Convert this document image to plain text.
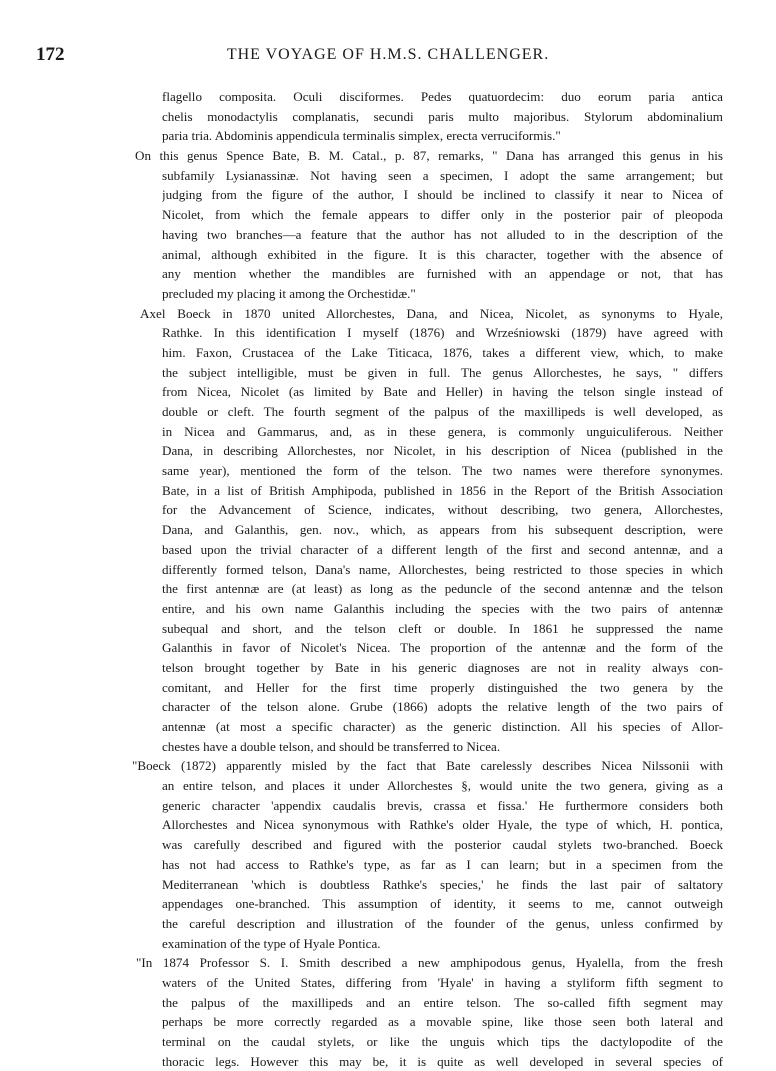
172	THE VOYAGE OF H.M.S. CHALLENGER.
flagello composita. Oculi disciformes. Pedes quatuordecim: duo eorum paria antica
chelis monodactylis complanatis, secundi paris multo majoribus. Stylorum abdominalium
paria tria. Abdominis appendicula terminalis simplex, erecta verruciformis."
On this genus Spence Bate, B. M. Catal., p. 87, remarks, " Dana has arranged this genus in his
subfamily Lysianassinæ. Not having seen a specimen, I adopt the same arrangement; but
judging from the figure of the author, I should be inclined to classify it near to Nicea of
Nicolet, from which the female appears to differ only in the posterior pair of pleopoda
having two branches—a feature that the author has not alluded to in the description of the
animal, although exhibited in the figure. It is this character, together with the absence of
any mention whether the mandibles are furnished with an appendage or not, that has
precluded my placing it among the Orchestidæ."
Axel Boeck in 1870 united Allorchestes, Dana, and Nicea, Nicolet, as synonyms to Hyale,
Rathke. In this identification I myself (1876) and Wrześniowski (1879) have agreed with
him. Faxon, Crustacea of the Lake Titicaca, 1876, takes a different view, which, to make
the subject intelligible, must be given in full. The genus Allorchestes, he says, " differs
from Nicea, Nicolet (as limited by Bate and Heller) in having the telson single instead of
double or cleft. The fourth segment of the palpus of the maxillipeds is well developed, as
in Nicea and Gammarus, and, as in these genera, is commonly unguiculiferous. Neither
Dana, in describing Allorchestes, nor Nicolet, in his description of Nicea (published in the
same year), mentioned the form of the telson. The two names were therefore synonymes.
Bate, in a list of British Amphipoda, published in 1856 in the Report of the British Association
for the Advancement of Science, indicates, without describing, two genera, Allorchestes,
Dana, and Galanthis, gen. nov., which, as appears from his subsequent description, were
based upon the trivial character of a different length of the first and second antennæ, and a
differently formed telson, Dana's name, Allorchestes, being restricted to those species in which
the first antennæ are (at least) as long as the peduncle of the second antennæ and the telson
entire, and his own name Galanthis including the species with the two pairs of antennæ
subequal and short, and the telson cleft or double. In 1861 he suppressed the name
Galanthis in favor of Nicolet's Nicea. The proportion of the antennæ and the form of the
telson brought together by Bate in his generic diagnoses are not in reality always con-
comitant, and Heller for the first time properly distinguished the two genera by the
character of the telson alone. Grube (1866) adopts the relative length of the two pairs of
antennæ (at most a specific character) as the generic distinction. All his species of Allor-
chestes have a double telson, and should be transferred to Nicea.
"Boeck (1872) apparently misled by the fact that Bate carelessly describes Nicea Nilssonii with
an entire telson, and places it under Allorchestes §, would unite the two genera, giving as a
generic character 'appendix caudalis brevis, crassa et fissa.' He furthermore considers both
Allorchestes and Nicea synonymous with Rathke's older Hyale, the type of which, H. pontica,
was carefully described and figured with the posterior caudal stylets two-branched. Boeck
has not had access to Rathke's type, as far as I can learn; but in a specimen from the
Mediterranean 'which is doubtless Rathke's species,' he finds the last pair of saltatory
appendages one-branched. This assumption of identity, it seems to me, cannot outweigh
the careful description and illustration of the founder of the genus, unless confirmed by
examination of the type of Hyale Pontica.
"In 1874 Professor S. I. Smith described a new amphipodous genus, Hyalella, from the fresh
waters of the United States, differing from 'Hyale' in having a styliform fifth segment to
the palpus of the maxillipeds and an entire telson. The so-called fifth segment may
perhaps be more correctly regarded as a movable spine, like those seen both lateral and
terminal on the caudal stylets, or like the unguis which tips the dactylopodite of the
thoracic legs. However this may be, it is quite as well developed in several species of
